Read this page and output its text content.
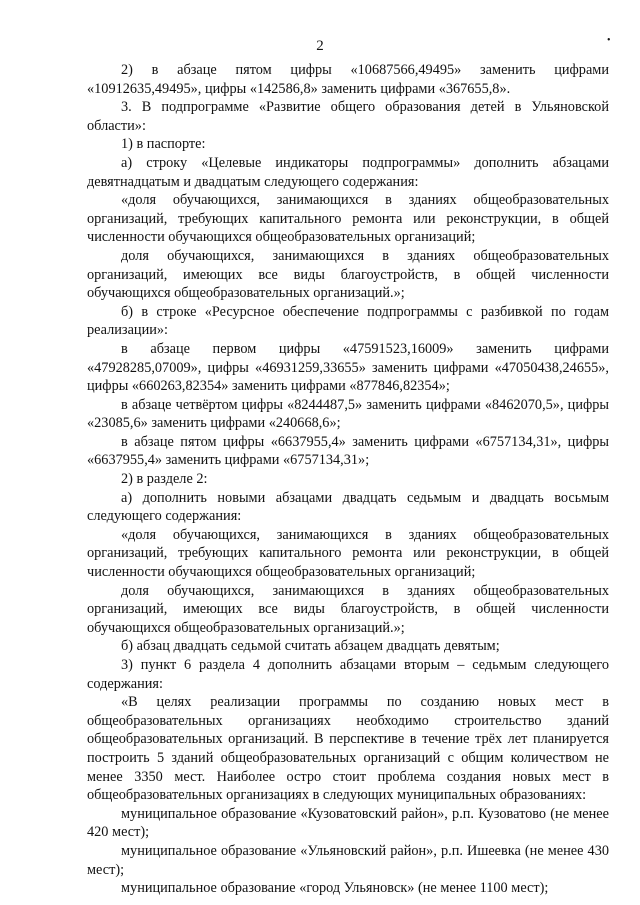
2	•

2) в абзаце пятом цифры «10687566,49495» заменить цифрами «10912635,49495», цифры «142586,8» заменить цифрами «367655,8».

3. В подпрограмме «Развитие общего образования детей в Ульяновской области»:

1) в паспорте:

а) строку «Целевые индикаторы подпрограммы» дополнить абзацами девятнадцатым и двадцатым следующего содержания:

«доля обучающихся, занимающихся в зданиях общеобразовательных организаций, требующих капитального ремонта или реконструкции, в общей численности обучающихся общеобразовательных организаций;

доля обучающихся, занимающихся в зданиях общеобразовательных организаций, имеющих все виды благоустройств, в общей численности обучающихся общеобразовательных организаций.»;

б) в строке «Ресурсное обеспечение подпрограммы с разбивкой по годам реализации»:

в абзаце первом цифры «47591523,16009» заменить цифрами «47928285,07009», цифры «46931259,33655» заменить цифрами «47050438,24655», цифры «660263,82354» заменить цифрами «877846,82354»;

в абзаце четвёртом цифры «8244487,5» заменить цифрами «8462070,5», цифры «23085,6» заменить цифрами «240668,6»;

в абзаце пятом цифры «6637955,4» заменить цифрами «6757134,31», цифры «6637955,4» заменить цифрами «6757134,31»;

2) в разделе 2:

а) дополнить новыми абзацами двадцать седьмым и двадцать восьмым следующего содержания:

«доля обучающихся, занимающихся в зданиях общеобразовательных организаций, требующих капитального ремонта или реконструкции, в общей численности обучающихся общеобразовательных организаций;

доля обучающихся, занимающихся в зданиях общеобразовательных организаций, имеющих все виды благоустройств, в общей численности обучающихся общеобразовательных организаций.»;

б) абзац двадцать седьмой считать абзацем двадцать девятым;

3) пункт 6 раздела 4 дополнить абзацами вторым – седьмым следующего содержания:

«В целях реализации программы по созданию новых мест в общеобразовательных организациях необходимо строительство зданий общеобразовательных организаций. В перспективе в течение трёх лет планируется построить 5 зданий общеобразовательных организаций с общим количеством не менее 3350 мест. Наиболее остро стоит проблема создания новых мест в общеобразовательных организациях в следующих муниципальных образованиях:

муниципальное образование «Кузоватовский район», р.п. Кузоватово (не менее 420 мест);

муниципальное образование «Ульяновский район», р.п. Ишеевка (не менее 430 мест);

муниципальное образование «город Ульяновск» (не менее 1100 мест);
